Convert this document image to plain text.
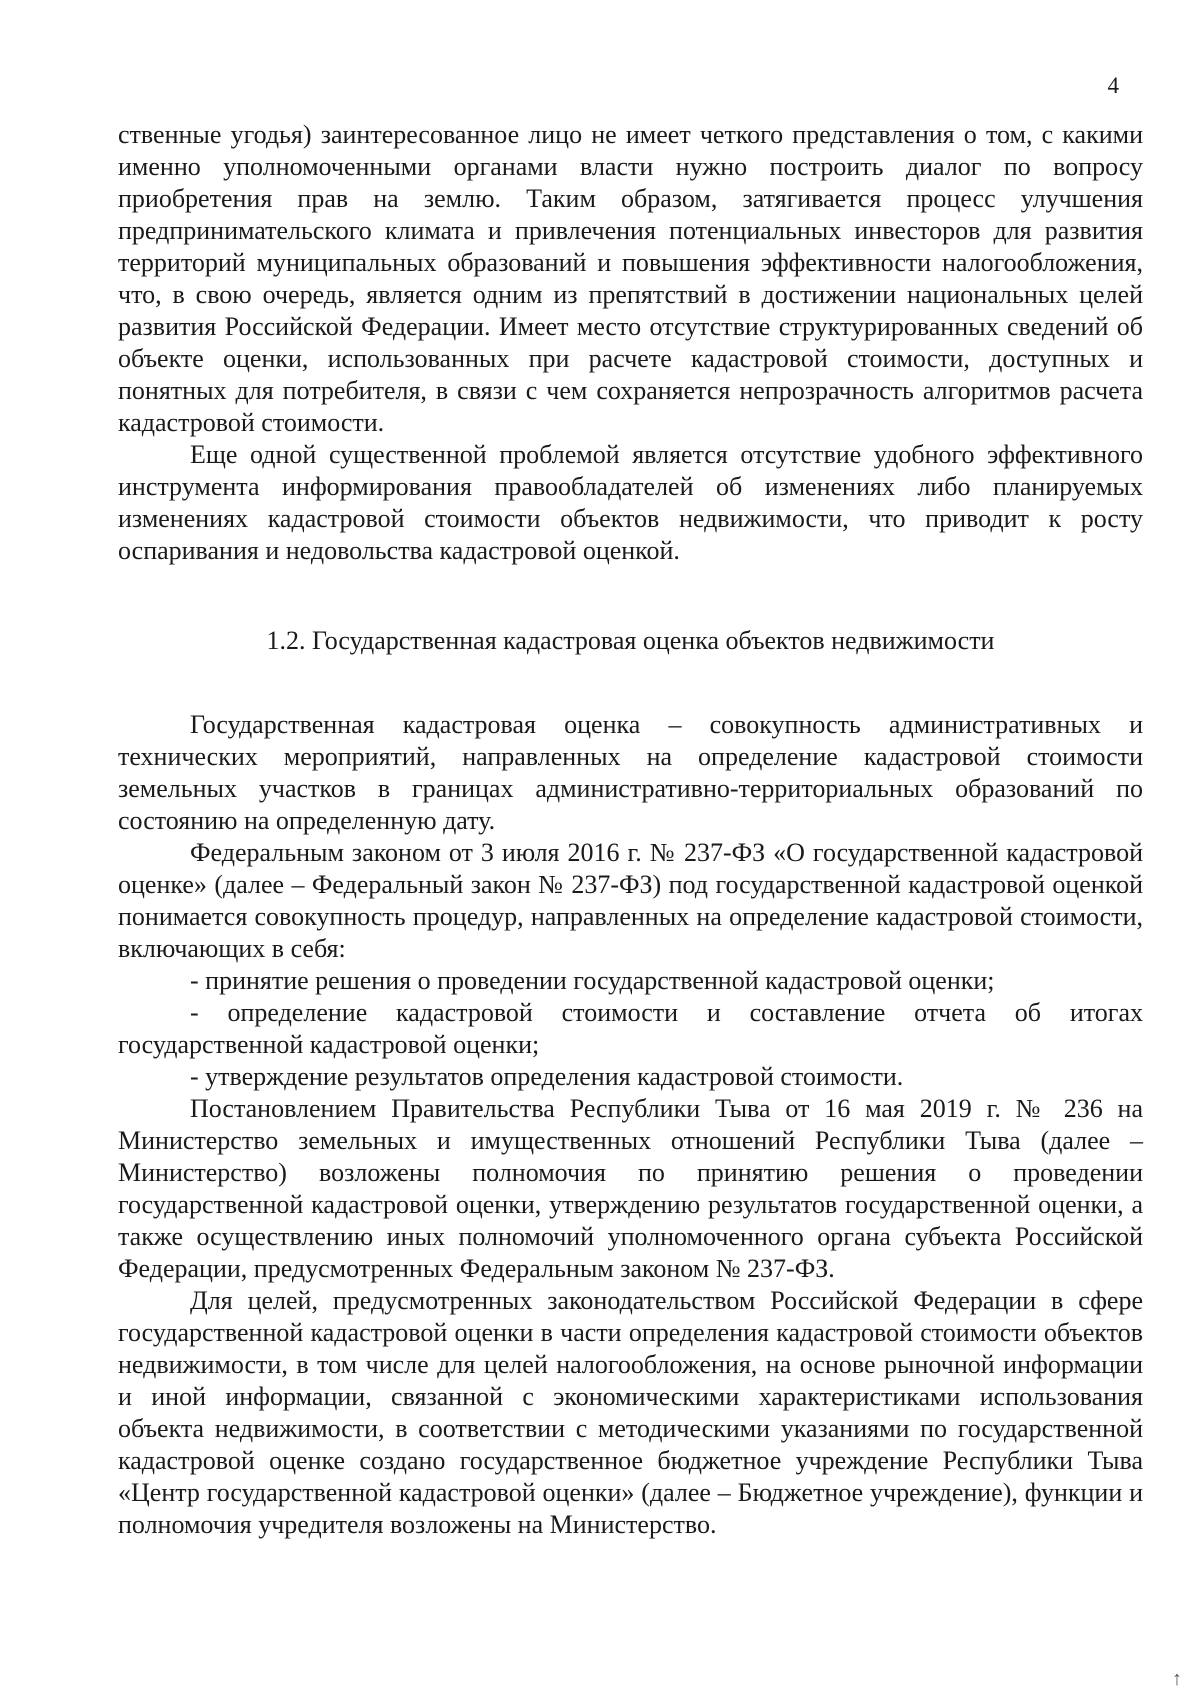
4

ственные угодья) заинтересованное лицо не имеет четкого представления о том, с какими именно уполномоченными органами власти нужно построить диалог по вопросу приобретения прав на землю. Таким образом, затягивается процесс улучшения предпринимательского климата и привлечения потенциальных инвесторов для развития территорий муниципальных образований и повышения эффективности налогообложения, что, в свою очередь, является одним из препятствий в достижении национальных целей развития Российской Федерации. Имеет место отсутствие структурированных сведений об объекте оценки, использованных при расчете кадастровой стоимости, доступных и понятных для потребителя, в связи с чем сохраняется непрозрачность алгоритмов расчета кадастровой стоимости.

Еще одной существенной проблемой является отсутствие удобного эффективного инструмента информирования правообладателей об изменениях либо планируемых изменениях кадастровой стоимости объектов недвижимости, что приводит к росту оспаривания и недовольства кадастровой оценкой.

1.2. Государственная кадастровая оценка объектов недвижимости

Государственная кадастровая оценка – совокупность административных и технических мероприятий, направленных на определение кадастровой стоимости земельных участков в границах административно-территориальных образований по состоянию на определенную дату.

Федеральным законом от 3 июля 2016 г. № 237-ФЗ «О государственной кадастровой оценке» (далее – Федеральный закон № 237-ФЗ) под государственной кадастровой оценкой понимается совокупность процедур, направленных на определение кадастровой стоимости, включающих в себя:

- принятие решения о проведении государственной кадастровой оценки;

- определение кадастровой стоимости и составление отчета об итогах государственной кадастровой оценки;

- утверждение результатов определения кадастровой стоимости.

Постановлением Правительства Республики Тыва от 16 мая 2019 г. № 236 на Министерство земельных и имущественных отношений Республики Тыва (далее – Министерство) возложены полномочия по принятию решения о проведении государственной кадастровой оценки, утверждению результатов государственной оценки, а также осуществлению иных полномочий уполномоченного органа субъекта Российской Федерации, предусмотренных Федеральным законом № 237-ФЗ.

Для целей, предусмотренных законодательством Российской Федерации в сфере государственной кадастровой оценки в части определения кадастровой стоимости объектов недвижимости, в том числе для целей налогообложения, на основе рыночной информации и иной информации, связанной с экономическими характеристиками использования объекта недвижимости, в соответствии с методическими указаниями по государственной кадастровой оценке создано государственное бюджетное учреждение Республики Тыва «Центр государственной кадастровой оценки» (далее – Бюджетное учреждение), функции и полномочия учредителя возложены на Министерство.

↑
